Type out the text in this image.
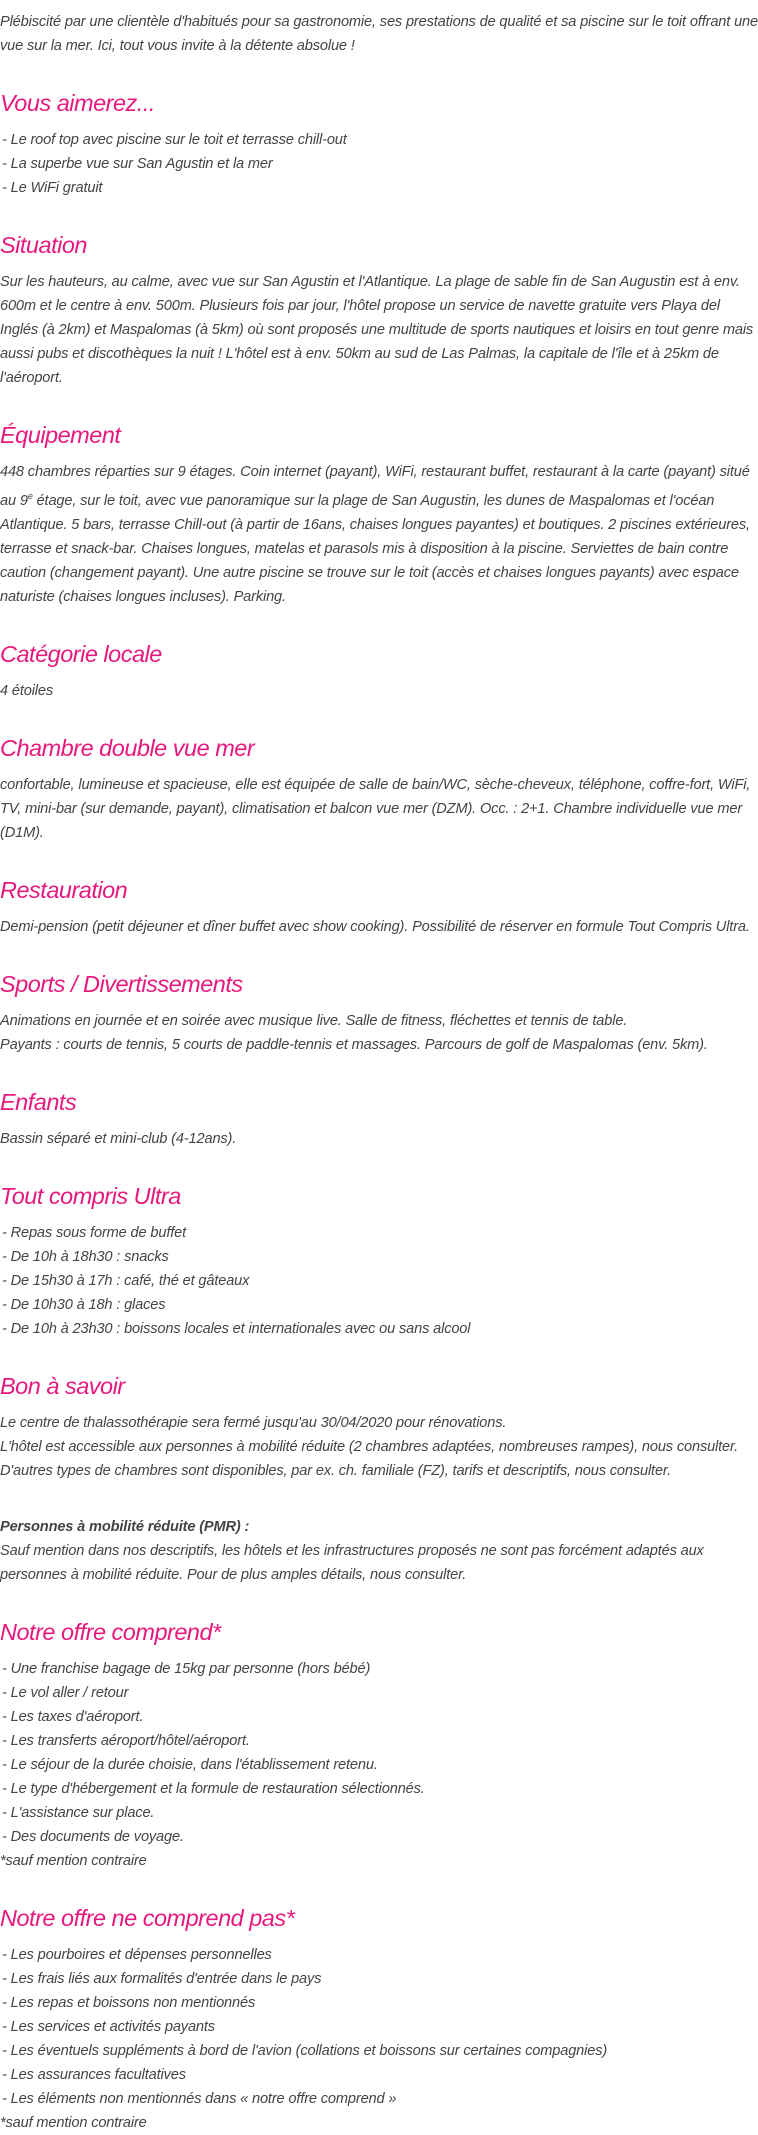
Plébiscité par une clientèle d'habitués pour sa gastronomie, ses prestations de qualité et sa piscine sur le toit offrant une vue sur la mer. Ici, tout vous invite à la détente absolue !

Vous aimerez...
- Le roof top avec piscine sur le toit et terrasse chill-out
- La superbe vue sur San Agustin et la mer
- Le WiFi gratuit
Situation

Sur les hauteurs, au calme, avec vue sur San Agustin et l'Atlantique. La plage de sable fin de San Augustin est à env. 600m et le centre à env. 500m. Plusieurs fois par jour, l'hôtel propose un service de navette gratuite vers Playa del Inglés (à 2km) et Maspalomas (à 5km) où sont proposés une multitude de sports nautiques et loisirs en tout genre mais aussi pubs et discothèques la nuit ! L'hôtel est à env. 50km au sud de Las Palmas, la capitale de l'île et à 25km de l'aéroport.

Équipement

448 chambres réparties sur 9 étages. Coin internet (payant), WiFi, restaurant buffet, restaurant à la carte (payant) situé au 9e étage, sur le toit, avec vue panoramique sur la plage de San Augustin, les dunes de Maspalomas et l'océan Atlantique. 5 bars, terrasse Chill-out (à partir de 16ans, chaises longues payantes) et boutiques. 2 piscines extérieures, terrasse et snack-bar. Chaises longues, matelas et parasols mis à disposition à la piscine. Serviettes de bain contre caution (changement payant). Une autre piscine se trouve sur le toit (accès et chaises longues payants) avec espace naturiste (chaises longues incluses). Parking.

Catégorie locale

4 étoiles

Chambre double vue mer

confortable, lumineuse et spacieuse, elle est équipée de salle de bain/WC, sèche-cheveux, téléphone, coffre-fort, WiFi, TV, mini-bar (sur demande, payant), climatisation et balcon vue mer (DZM). Occ. : 2+1. Chambre individuelle vue mer (D1M).

Restauration

Demi-pension (petit déjeuner et dîner buffet avec show cooking). Possibilité de réserver en formule Tout Compris Ultra.

Sports / Divertissements

Animations en journée et en soirée avec musique live. Salle de fitness, fléchettes et tennis de table.

Payants : courts de tennis, 5 courts de paddle-tennis et massages. Parcours de golf de Maspalomas (env. 5km).

Enfants

Bassin séparé et mini-club (4-12ans).

Tout compris Ultra
- Repas sous forme de buffet
- De 10h à 18h30 : snacks
- De 15h30 à 17h : café, thé et gâteaux
- De 10h30 à 18h : glaces
- De 10h à 23h30 : boissons locales et internationales avec ou sans alcool
Bon à savoir

Le centre de thalassothérapie sera fermé jusqu'au 30/04/2020 pour rénovations.

L'hôtel est accessible aux personnes à mobilité réduite (2 chambres adaptées, nombreuses rampes), nous consulter.

D'autres types de chambres sont disponibles, par ex. ch. familiale (FZ), tarifs et descriptifs, nous consulter.

Personnes à mobilité réduite (PMR) :

Sauf mention dans nos descriptifs, les hôtels et les infrastructures proposés ne sont pas forcément adaptés aux personnes à mobilité réduite. Pour de plus amples détails, nous consulter.

Notre offre comprend*
- Une franchise bagage de 15kg par personne (hors bébé)
- Le vol aller / retour
- Les taxes d'aéroport.
- Les transferts aéroport/hôtel/aéroport.
- Le séjour de la durée choisie, dans l'établissement retenu.
- Le type d'hébergement et la formule de restauration sélectionnés.
- L'assistance sur place.
- Des documents de voyage.

*sauf mention contraire

Notre offre ne comprend pas*
- Les pourboires et dépenses personnelles
- Les frais liés aux formalités d'entrée dans le pays
- Les repas et boissons non mentionnés
- Les services et activités payants
- Les éventuels suppléments à bord de l'avion (collations et boissons sur certaines compagnies)
- Les assurances facultatives
- Les éléments non mentionnés dans « notre offre comprend »

*sauf mention contraire
